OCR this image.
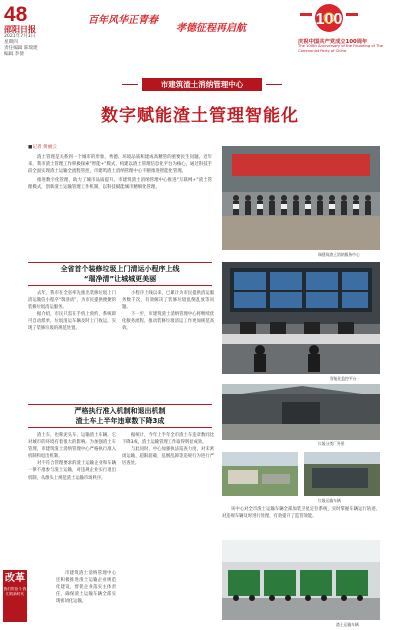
48
邵阳日报
2021年7月1日
星期四
责任编辑 陈瑞建
编辑 李倩
百年风华正青春
孝德征程再启航
100
庆祝中国共产党成立100周年
The 100th Anniversary of the Founding of The Communist Party of China
市建筑渣土消纳管理中心
数字赋能渣土管理智能化
■记者 黄丽云

渣土管理是关系到一个城市的形象、秀德、环境品质和建成高精管的重要民生问题。近年来，我市渣土管理工作积极探索“智能+”模式，构建以渣土管理信息化平台为核心，通过科技手段全面实现渣土运输全流程管控，市建筑渣土消纳管理中心不断推进智能化管理。

推进数字化管理，助力了城市品质提升。市建筑渣土消纳管理中心推进“互联网+”渣土管理模式，创新渣土运输管理工作机制，以科技赋能城市精细化管理。

瑞建筑渣土消纳服务中心
全省首个装修垃圾上门清运小程序上线
“瑞净清”让城城更美丽

去年，我市在全省率先推出装修垃圾上门清运微信小程序“瑞净清”，为市民提供便捷的装修垃圾清运服务。

据介绍，市民只需在手机上预约，系统即可自动派单，垃圾清运车辆及时上门收运，实现了装修垃圾的规范处置。

小程序上线以来，已累计为市民提供清运服务数千次，有效解决了装修垃圾乱倒乱放等问题。

下一步，市建筑渣土消纳管理中心将继续优化服务流程，推动装修垃圾清运工作更加规范高效。

智能化监控平台
严格执行准入机制和退出机制
渣土车上半年违章数下降3成

渣土车，也称泥头车、运输渣土车辆，它对城市的环境有着很大的影响。为加强渣土车管理，市建筑渣土消纳管理中心严格执行准入机制和退出机制。

对不符合管理要求的渣土运输企业和车辆一律不准参与渣土运输，对违规企业实行退出机制，从源头上规范渣土运输市场秩序。

据统计，今年上半年全市渣土车违章数同比下降3成，渣土运输管理工作取得明显成效。

与此同时，中心加强执法巡查力度，对未密闭运输、超限超载、乱倒乱卸等违规行为进行严厉查处。

市建筑渣土消纳管理中心还积极推进渣土运输企业规范化建设，督促企业落实主体责任，确保渣土运输车辆全部实现密闭化运输。

垃圾分类厂外景
垃圾运输车辆

该中心对全市渣土运输车辆全部加装卫星定位系统，实时掌握车辆运行轨迹，对违规车辆及时进行处理，有效提升了监管效能。

渣土运输车辆
改革
我们的奋斗·我们的新时代
